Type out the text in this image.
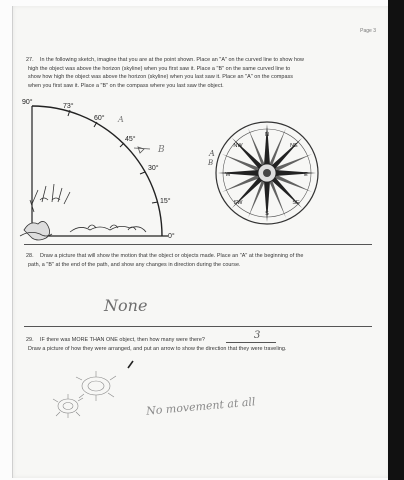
Page 3
27. In the following sketch, imagine that you are at the point shown. Place an "A" on the curved line to show how

high the object was above the horizon (skyline) when you first saw it. Place a "B" on the same curved line to

show how high the object was above the horizon (skyline) when you last saw it. Place an "A" on the compass

when you first saw it. Place a "B" on the compass where you last saw the object.

90°
73°
60°
45°
30°
15°
0°
A
B
N
NE
E
SE
S
SW
W
NW
A
B
28. Draw a picture that will show the motion that the object or objects made. Place an "A" at the beginning of the

path, a "B" at the end of the path, and show any changes in direction during the course.

None
29. IF there was MORE THAN ONE object, then how many were there?	3

Draw a picture of how they were arranged, and put an arrow to show the direction that they were traveling.

No movement at all
